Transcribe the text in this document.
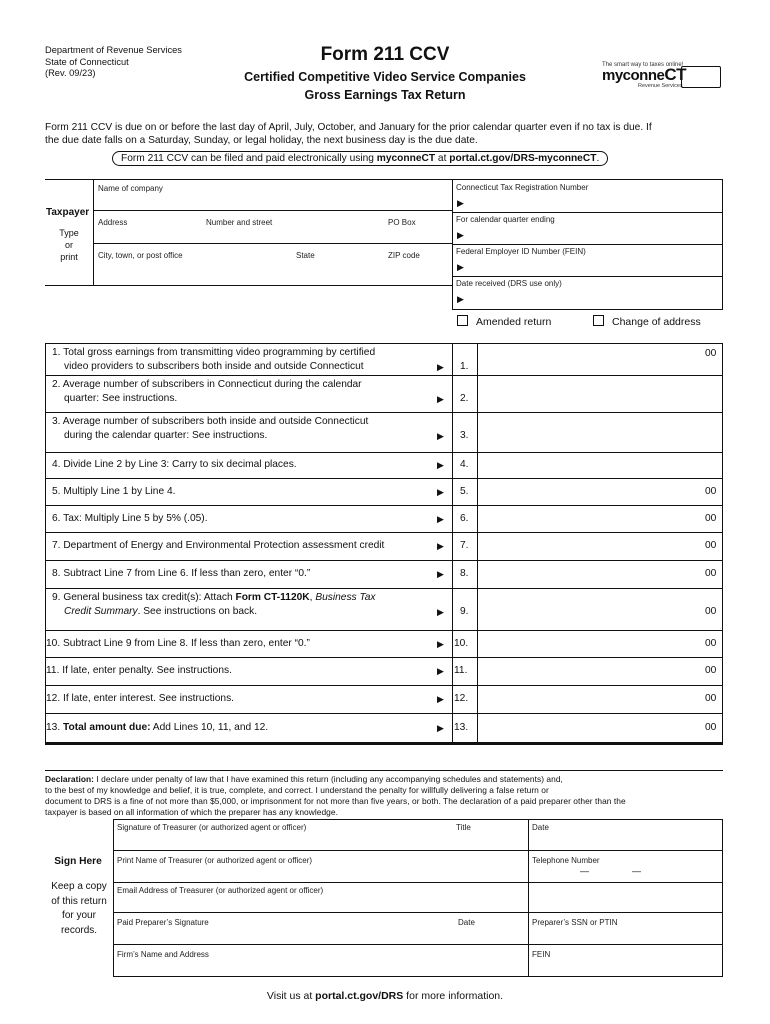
Department of Revenue Services
State of Connecticut
(Rev. 09/23)
Form 211 CCV
Certified Competitive Video Service Companies
Gross Earnings Tax Return
The smart way to taxes online!
myconneCT
Revenue Services
Form 211 CCV is due on or before the last day of April, July, October, and January for the prior calendar quarter even if no tax is due. If
the due date falls on a Saturday, Sunday, or legal holiday, the next business day is the due date.
Form 211 CCV can be filed and paid electronically using myconneCT at portal.ct.gov/DRS-myconneCT.
Taxpayer
Type
or
print
Name of company
Address	Number and street	PO Box
City, town, or post office	State	ZIP code
Connecticut Tax Registration Number
▶
For calendar quarter ending
▶
Federal Employer ID Number (FEIN)
▶
Date received (DRS use only)
▶
Amended return	Change of address
1. Total gross earnings from transmitting video programming by certified
video providers to subscribers both inside and outside Connecticut	▶ 1.
00
2. Average number of subscribers in Connecticut during the calendar
quarter: See instructions.	▶ 2.
3. Average number of subscribers both inside and outside Connecticut
during the calendar quarter: See instructions.	▶ 3.
4. Divide Line 2 by Line 3: Carry to six decimal places.	▶ 4.
5. Multiply Line 1 by Line 4.	▶ 5.	00
6. Tax: Multiply Line 5 by 5% (.05).	▶ 6.	00
7. Department of Energy and Environmental Protection assessment credit	▶ 7.	00
8. Subtract Line 7 from Line 6. If less than zero, enter “0.”	▶ 8.	00
9. General business tax credit(s): Attach Form CT-1120K, Business Tax
Credit Summary. See instructions on back.	▶ 9.	00
10. Subtract Line 9 from Line 8. If less than zero, enter “0.”	▶ 10.	00
11. If late, enter penalty. See instructions.	▶ 11.	00
12. If late, enter interest. See instructions.	▶ 12.	00
13. Total amount due: Add Lines 10, 11, and 12.	▶ 13.	00
Declaration: I declare under penalty of law that I have examined this return (including any accompanying schedules and statements) and,
to the best of my knowledge and belief, it is true, complete, and correct. I understand the penalty for willfully delivering a false return or
document to DRS is a fine of not more than $5,000, or imprisonment for not more than five years, or both. The declaration of a paid preparer other than the
taxpayer is based on all information of which the preparer has any knowledge.
Sign Here
Keep a copy
of this return
for your
records.
Signature of Treasurer (or authorized agent or officer)	Title	Date
Print Name of Treasurer (or authorized agent or officer)	Telephone Number
—	—
Email Address of Treasurer (or authorized agent or officer)
Paid Preparer’s Signature	Date	Preparer’s SSN or PTIN
Firm’s Name and Address	FEIN
Visit us at portal.ct.gov/DRS for more information.
